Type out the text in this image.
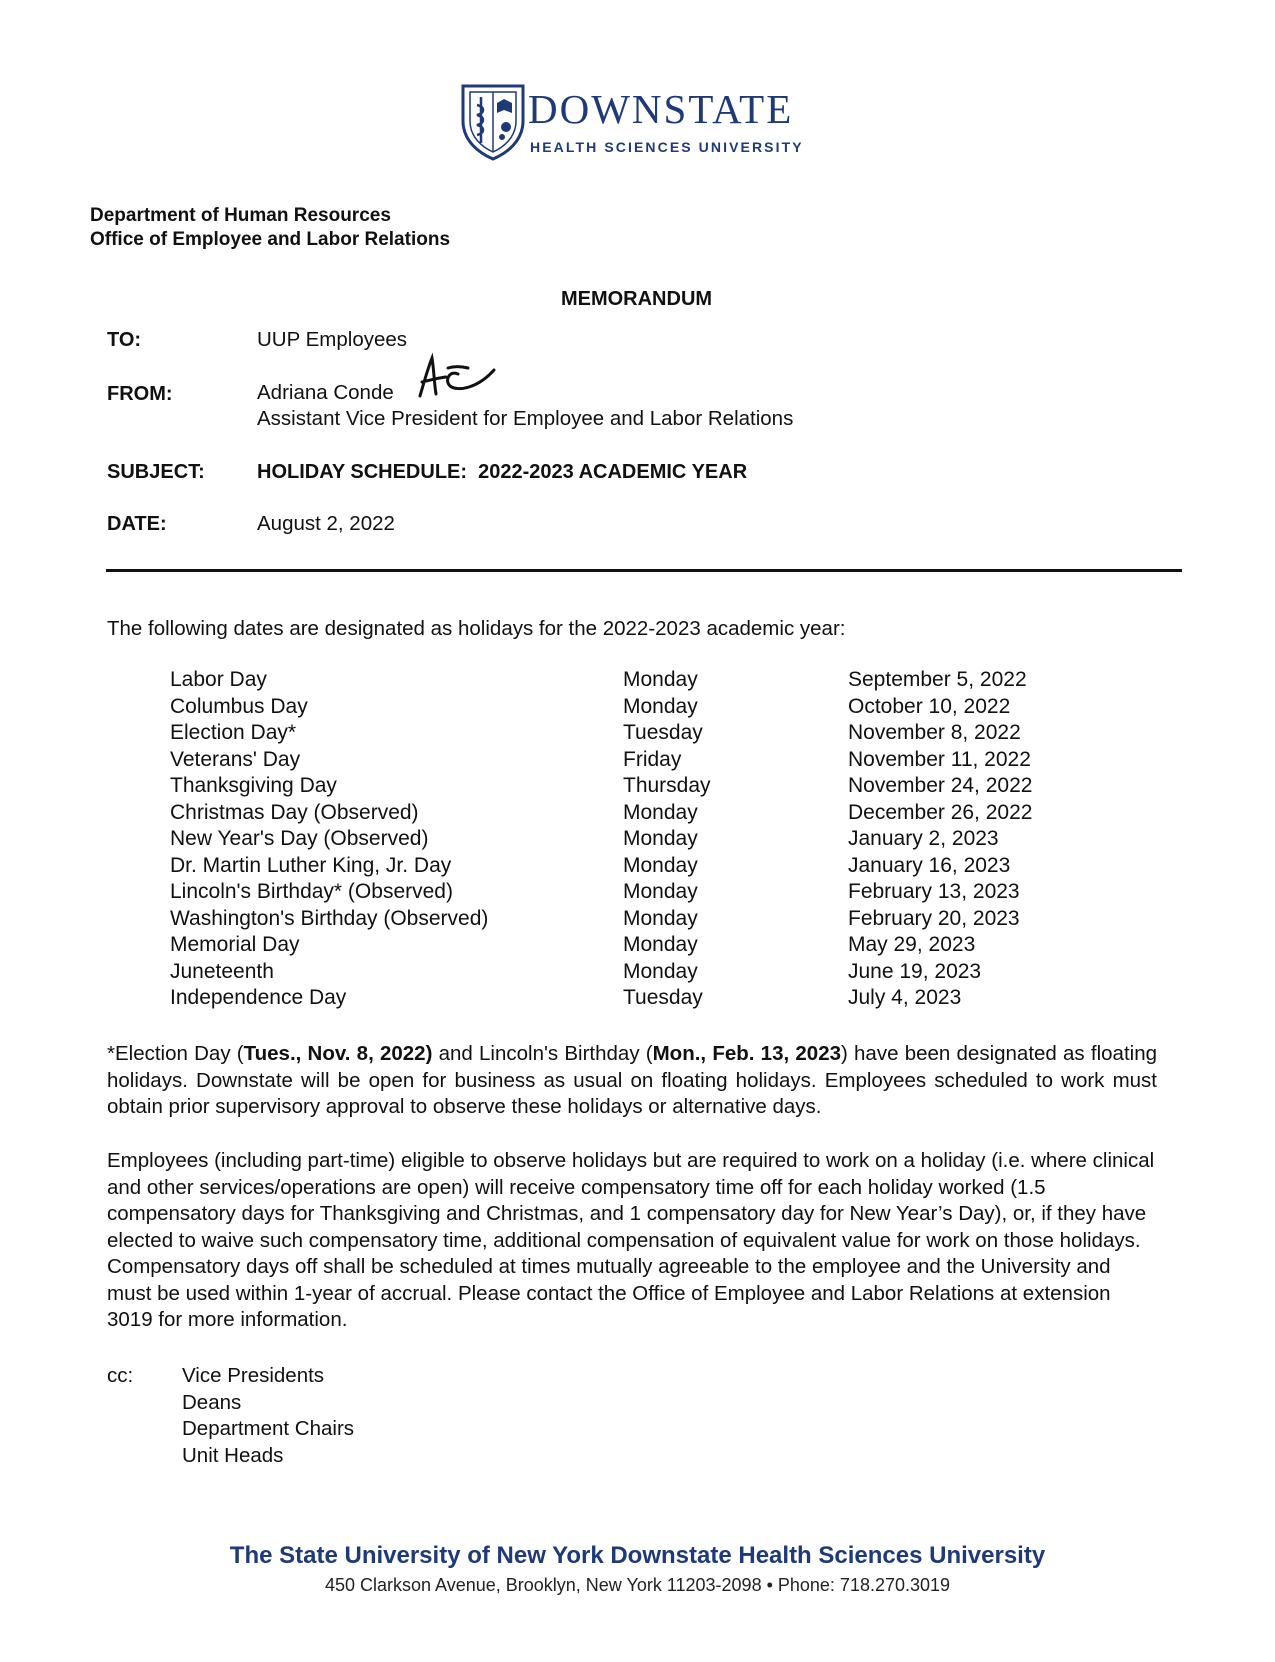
DOWNSTATE
HEALTH SCIENCES UNIVERSITY
Department of Human Resources
Office of Employee and Labor Relations
MEMORANDUM
TO:	UUP Employees
FROM:	Adriana Conde
Assistant Vice President for Employee and Labor Relations
SUBJECT:	HOLIDAY SCHEDULE:  2022-2023 ACADEMIC YEAR
DATE:	August 2, 2022
The following dates are designated as holidays for the 2022-2023 academic year:
Labor Day	Monday	September 5, 2022
Columbus Day	Monday	October 10, 2022
Election Day*	Tuesday	November 8, 2022
Veterans' Day	Friday	November 11, 2022
Thanksgiving Day	Thursday	November 24, 2022
Christmas Day (Observed)	Monday	December 26, 2022
New Year's Day (Observed)	Monday	January 2, 2023
Dr. Martin Luther King, Jr. Day	Monday	January 16, 2023
Lincoln's Birthday* (Observed)	Monday	February 13, 2023
Washington's Birthday (Observed)	Monday	February 20, 2023
Memorial Day	Monday	May 29, 2023
Juneteenth	Monday	June 19, 2023
Independence Day	Tuesday	July 4, 2023
*Election Day (Tues., Nov. 8, 2022) and Lincoln's Birthday (Mon., Feb. 13, 2023) have been designated as floating holidays. Downstate will be open for business as usual on floating holidays. Employees scheduled to work must obtain prior supervisory approval to observe these holidays or alternative days.
Employees (including part-time) eligible to observe holidays but are required to work on a holiday (i.e. where clinical and other services/operations are open) will receive compensatory time off for each holiday worked (1.5 compensatory days for Thanksgiving and Christmas, and 1 compensatory day for New Year’s Day), or, if they have elected to waive such compensatory time, additional compensation of equivalent value for work on those holidays. Compensatory days off shall be scheduled at times mutually agreeable to the employee and the University and must be used within 1-year of accrual. Please contact the Office of Employee and Labor Relations at extension 3019 for more information.
cc: Vice Presidents
Deans
Department Chairs
Unit Heads
The State University of New York Downstate Health Sciences University
450 Clarkson Avenue, Brooklyn, New York 11203-2098 • Phone: 718.270.3019
